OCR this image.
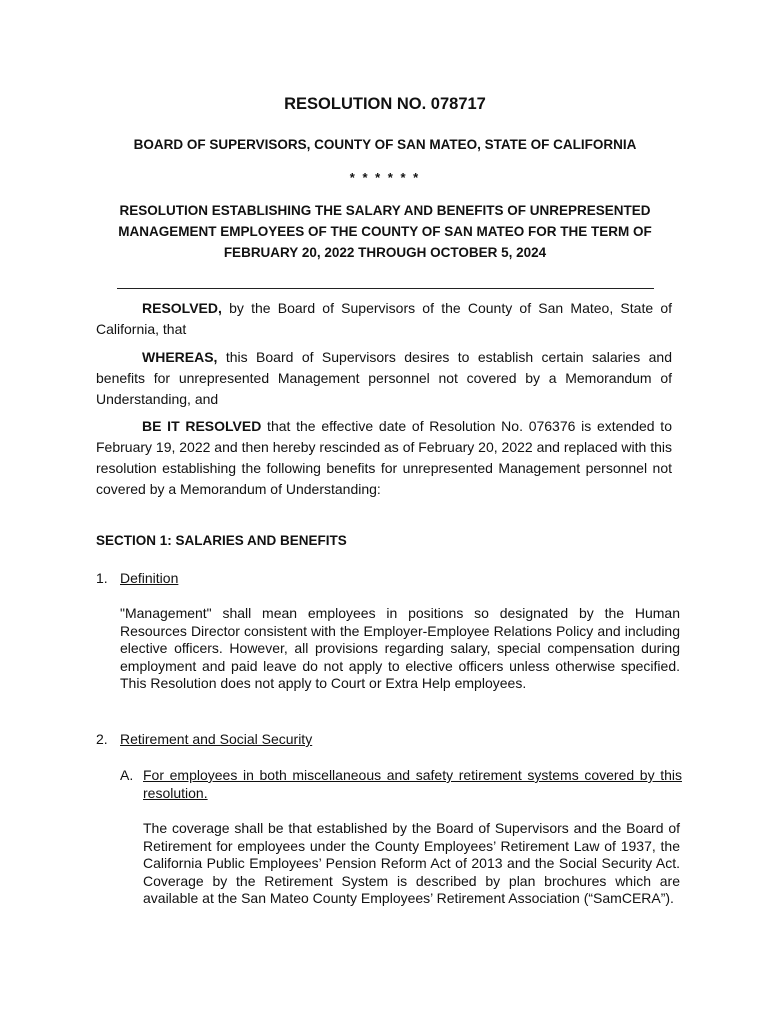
RESOLUTION NO. 078717
BOARD OF SUPERVISORS, COUNTY OF SAN MATEO, STATE OF CALIFORNIA
* * * * * *
RESOLUTION ESTABLISHING THE SALARY AND BENEFITS OF UNREPRESENTED MANAGEMENT EMPLOYEES OF THE COUNTY OF SAN MATEO FOR THE TERM OF FEBRUARY 20, 2022 THROUGH OCTOBER 5, 2024
RESOLVED, by the Board of Supervisors of the County of San Mateo, State of California, that
WHEREAS, this Board of Supervisors desires to establish certain salaries and benefits for unrepresented Management personnel not covered by a Memorandum of Understanding, and
BE IT RESOLVED that the effective date of Resolution No. 076376 is extended to February 19, 2022 and then hereby rescinded as of February 20, 2022 and replaced with this resolution establishing the following benefits for unrepresented Management personnel not covered by a Memorandum of Understanding:
SECTION 1: SALARIES AND BENEFITS
1. Definition
"Management" shall mean employees in positions so designated by the Human Resources Director consistent with the Employer-Employee Relations Policy and including elective officers. However, all provisions regarding salary, special compensation during employment and paid leave do not apply to elective officers unless otherwise specified. This Resolution does not apply to Court or Extra Help employees.
2. Retirement and Social Security
A. For employees in both miscellaneous and safety retirement systems covered by this resolution.
The coverage shall be that established by the Board of Supervisors and the Board of Retirement for employees under the County Employees’ Retirement Law of 1937, the California Public Employees’ Pension Reform Act of 2013 and the Social Security Act. Coverage by the Retirement System is described by plan brochures which are available at the San Mateo County Employees’ Retirement Association (“SamCERA”).
